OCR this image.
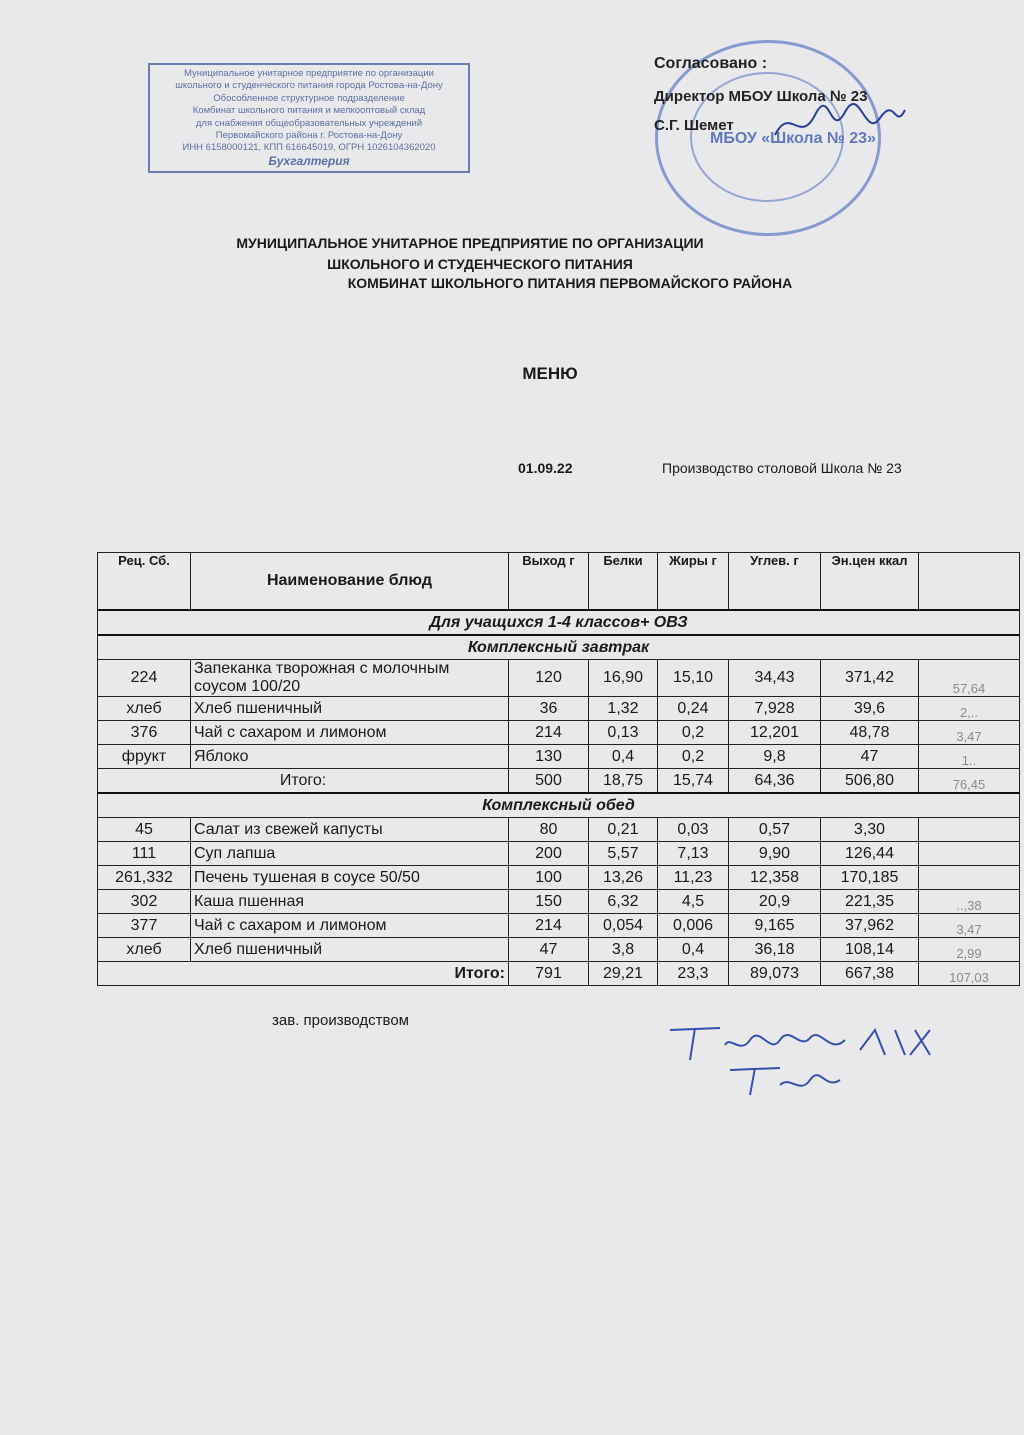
Муниципальное унитарное предприятие по организации
школьного и студенческого питания города Ростова-на-Дону
Обособленное структурное подразделение
Комбинат школьного питания и мелкооптовый склад
для снабжения общеобразовательных учреждений
Первомайского района г. Ростова-на-Дону
ИНН 6158000121, КПП 616645019, ОГРН 1026104362020
Бухгалтерия
МБОУ «Школа № 23»
Согласовано :
Директор МБОУ Школа № 23
С.Г. Шемет
МУНИЦИПАЛЬНОЕ УНИТАРНОЕ ПРЕДПРИЯТИЕ ПО ОРГАНИЗАЦИИ
ШКОЛЬНОГО И СТУДЕНЧЕСКОГО ПИТАНИЯ
КОМБИНАТ ШКОЛЬНОГО ПИТАНИЯ ПЕРВОМАЙСКОГО РАЙОНА
МЕНЮ
01.09.22	Производство столовой Школа № 23
Рец. Сб.	Наименование блюд	Выход г	Белки	Жиры г	Углев. г	Эн.цен ккал	
Для учащихся 1-4 классов+ ОВЗ							
Комплексный завтрак							
224	Запеканка творожная с молочным соусом 100/20	120	16,90	15,10	34,43	371,42	57,64
хлеб	Хлеб пшеничный	36	1,32	0,24	7,928	39,6	2,..
376	Чай с сахаром и лимоном	214	0,13	0,2	12,201	48,78	3,47
фрукт	Яблоко	130	0,4	0,2	9,8	47	1..
Итого:		500	18,75	15,74	64,36	506,80	76,45
Комплексный обед							
45	Салат из свежей капусты	80	0,21	0,03	0,57	3,30	
111	Суп лапша	200	5,57	7,13	9,90	126,44	
261,332	Печень тушеная в соусе 50/50	100	13,26	11,23	12,358	170,185	
302	Каша пшенная	150	6,32	4,5	20,9	221,35	..,38
377	Чай с сахаром и лимоном	214	0,054	0,006	9,165	37,962	3,47
хлеб	Хлеб пшеничный	47	3,8	0,4	36,18	108,14	2,99
Итого:		791	29,21	23,3	89,073	667,38	107,03
зав. производством
